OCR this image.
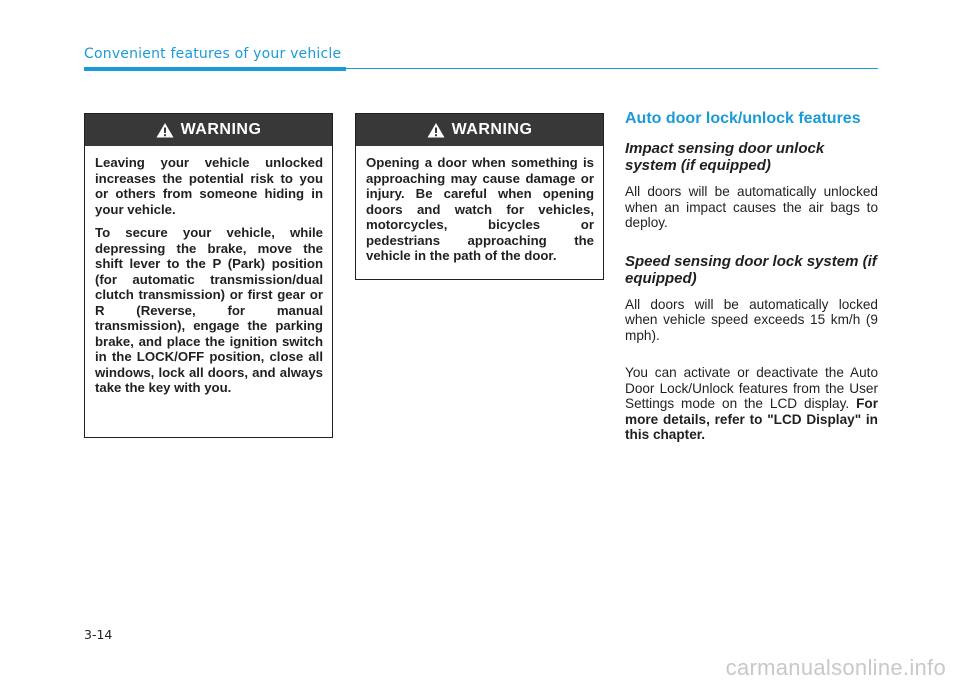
Convenient features of your vehicle
WARNING

Leaving your vehicle unlocked increases the potential risk to you or others from someone hiding in your vehicle.

To secure your vehicle, while depressing the brake, move the shift lever to the P (Park) position (for automatic transmission/dual clutch transmission) or first gear or R (Reverse, for manual transmission), engage the parking brake, and place the ignition switch in the LOCK/OFF position, close all windows, lock all doors, and always take the key with you.

WARNING

Opening a door when something is approaching may cause damage or injury. Be careful when opening doors and watch for vehicles, motorcycles, bicycles or pedestrians approaching the vehicle in the path of the door.

Auto door lock/unlock features
Impact sensing door unlock system (if equipped)

All doors will be automatically unlocked when an impact causes the air bags to deploy.

Speed sensing door lock system (if equipped)

All doors will be automatically locked when vehicle speed exceeds 15 km/h (9 mph).

You can activate or deactivate the Auto Door Lock/Unlock features from the User Settings mode on the LCD display. For more details, refer to "LCD Display" in this chapter.

3-14
carmanualsonline.info
